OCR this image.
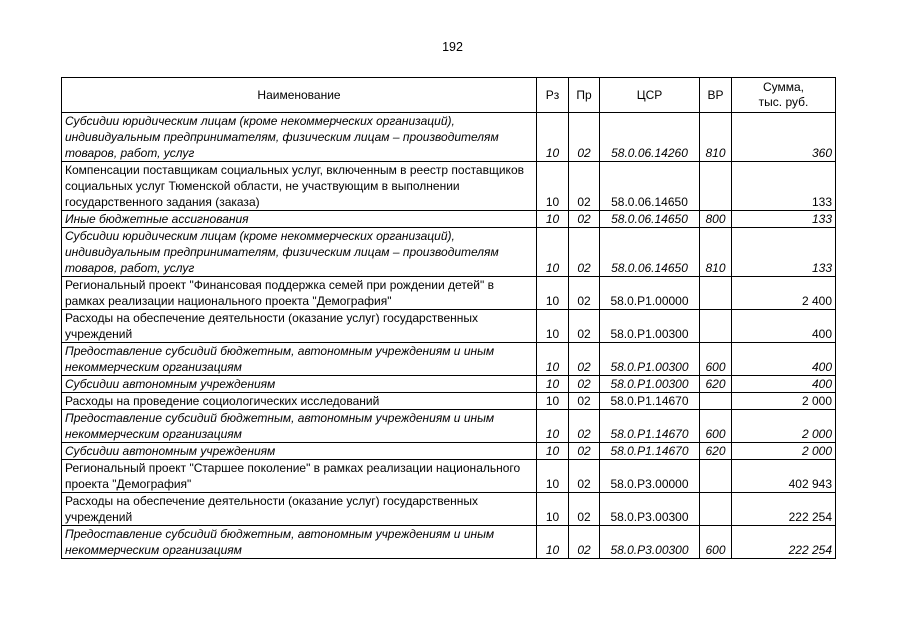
192
Наименование	Рз	Пр	ЦСР	ВР	Сумма,
тыс. руб.

Субсидии юридическим лицам (кроме некоммерческих организаций), индивидуальным предпринимателям, физическим лицам – производителям товаров, работ, услуг	10	02	58.0.06.14260	810	360
Компенсации поставщикам социальных услуг, включенным в реестр поставщиков социальных услуг Тюменской области, не участвующим в выполнении государственного задания (заказа)	10	02	58.0.06.14650		133
Иные бюджетные ассигнования	10	02	58.0.06.14650	800	133
Субсидии юридическим лицам (кроме некоммерческих организаций), индивидуальным предпринимателям, физическим лицам – производителям товаров, работ, услуг	10	02	58.0.06.14650	810	133
Региональный проект "Финансовая поддержка семей при рождении детей" в рамках реализации национального проекта "Демография"	10	02	58.0.Р1.00000		2 400
Расходы на обеспечение деятельности (оказание услуг) государственных учреждений	10	02	58.0.Р1.00300		400
Предоставление субсидий бюджетным, автономным учреждениям и иным некоммерческим организациям	10	02	58.0.Р1.00300	600	400
Субсидии автономным учреждениям	10	02	58.0.Р1.00300	620	400
Расходы на проведение социологических исследований	10	02	58.0.Р1.14670		2 000
Предоставление субсидий бюджетным, автономным учреждениям и иным некоммерческим организациям	10	02	58.0.Р1.14670	600	2 000
Субсидии автономным учреждениям	10	02	58.0.Р1.14670	620	2 000
Региональный проект "Старшее поколение" в рамках реализации национального проекта "Демография"	10	02	58.0.Р3.00000		402 943
Расходы на обеспечение деятельности (оказание услуг) государственных учреждений	10	02	58.0.Р3.00300		222 254
Предоставление субсидий бюджетным, автономным учреждениям и иным некоммерческим организациям	10	02	58.0.Р3.00300	600	222 254
